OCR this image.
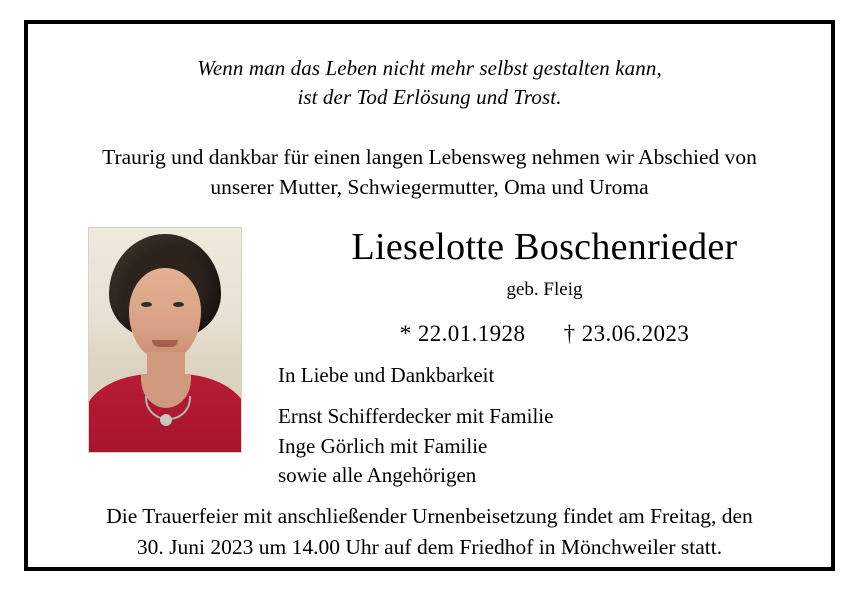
Wenn man das Leben nicht mehr selbst gestalten kann,
ist der Tod Erlösung und Trost.
Traurig und dankbar für einen langen Lebensweg nehmen wir Abschied von
unserer Mutter, Schwiegermutter, Oma und Uroma
Lieselotte Boschenrieder
geb. Fleig
* 22.01.1928 † 23.06.2023
In Liebe und Dankbarkeit
Ernst Schifferdecker mit Familie
Inge Görlich mit Familie
sowie alle Angehörigen
Die Trauerfeier mit anschließender Urnenbeisetzung findet am Freitag, den
30. Juni 2023 um 14.00 Uhr auf dem Friedhof in Mönchweiler statt.
